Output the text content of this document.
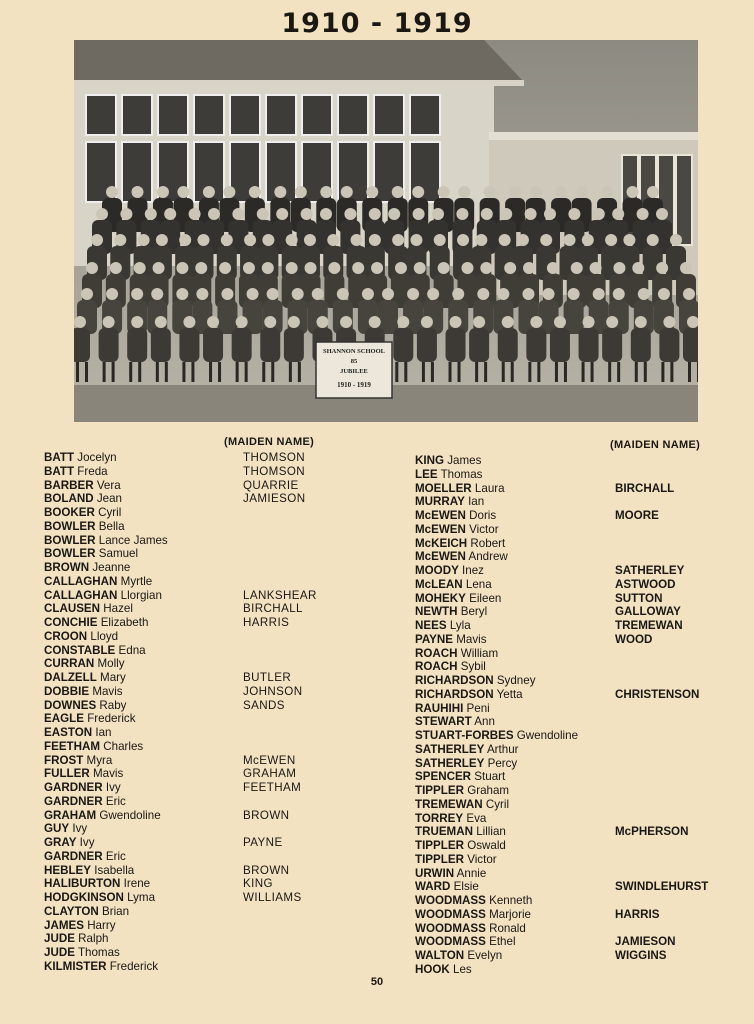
1910 - 1919
SHANNON SCHOOL
85
JUBILEE
1910 - 1919
(MAIDEN NAME)	(MAIDEN NAME)
BATT Jocelyn
BATT Freda
BARBER Vera
BOLAND Jean
BOOKER Cyril
BOWLER Bella
BOWLER Lance James
BOWLER Samuel
BROWN Jeanne
CALLAGHAN Myrtle
CALLAGHAN Llorgian
CLAUSEN Hazel
CONCHIE Elizabeth
CROON Lloyd
CONSTABLE Edna
CURRAN Molly
DALZELL Mary
DOBBIE Mavis
DOWNES Raby
EAGLE Frederick
EASTON Ian
FEETHAM Charles
FROST Myra
FULLER Mavis
GARDNER Ivy
GARDNER Eric
GRAHAM Gwendoline
GUY Ivy
GRAY Ivy
GARDNER Eric
HEBLEY Isabella
HALIBURTON Irene
HODGKINSON Lyma
CLAYTON Brian
JAMES Harry
JUDE Ralph
JUDE Thomas
KILMISTER Frederick
THOMSON
THOMSON
QUARRIE
JAMIESON
LANKSHEAR
BIRCHALL
HARRIS
BUTLER
JOHNSON
SANDS
McEWEN
GRAHAM
FEETHAM
BROWN
PAYNE
BROWN
KING
WILLIAMS
KING James
LEE Thomas
MOELLER Laura
MURRAY Ian
McEWEN Doris
McEWEN Victor
McKEICH Robert
McEWEN Andrew
MOODY Inez
McLEAN Lena
MOHEKY Eileen
NEWTH Beryl
NEES Lyla
PAYNE Mavis
ROACH William
ROACH Sybil
RICHARDSON Sydney
RICHARDSON Yetta
RAUHIHI Peni
STEWART Ann
STUART-FORBES Gwendoline
SATHERLEY Arthur
SATHERLEY Percy
SPENCER Stuart
TIPPLER Graham
TREMEWAN Cyril
TORREY Eva
TRUEMAN Lillian
TIPPLER Oswald
TIPPLER Victor
URWIN Annie
WARD Elsie
WOODMASS Kenneth
WOODMASS Marjorie
WOODMASS Ronald
WOODMASS Ethel
WALTON Evelyn
HOOK Les
BIRCHALL
MOORE
SATHERLEY
ASTWOOD
SUTTON
GALLOWAY
TREMEWAN
WOOD
CHRISTENSON
McPHERSON
SWINDLEHURST
HARRIS
JAMIESON
WIGGINS
50
